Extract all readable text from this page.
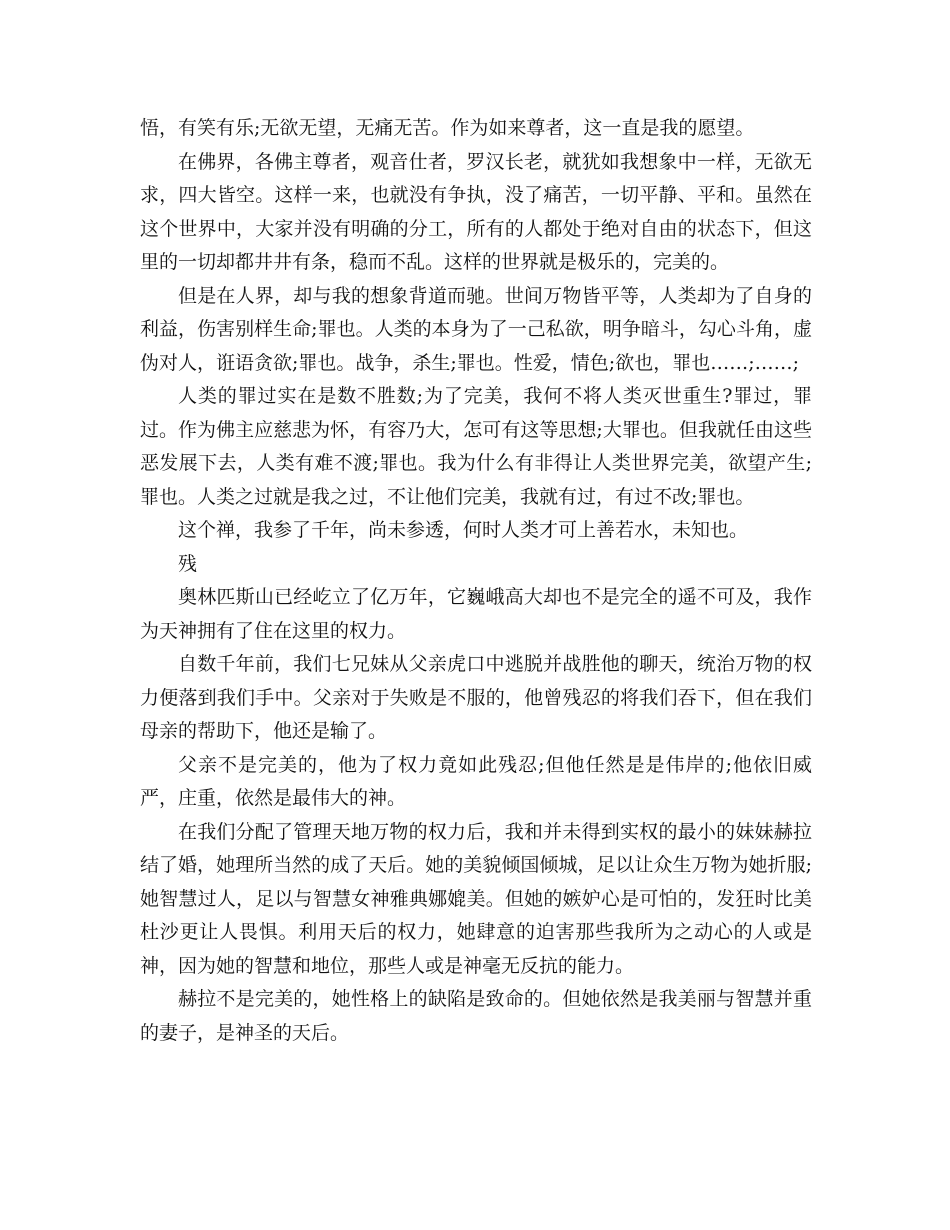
悟，有笑有乐;无欲无望，无痛无苦。作为如来尊者，这一直是我的愿望。

在佛界，各佛主尊者，观音仕者，罗汉长老，就犹如我想象中一样，无欲无求，四大皆空。这样一来，也就没有争执，没了痛苦，一切平静、平和。虽然在这个世界中，大家并没有明确的分工，所有的人都处于绝对自由的状态下，但这里的一切却都井井有条，稳而不乱。这样的世界就是极乐的，完美的。

但是在人界，却与我的想象背道而驰。世间万物皆平等，人类却为了自身的利益，伤害别样生命;罪也。人类的本身为了一己私欲，明争暗斗，勾心斗角，虚伪对人，诳语贪欲;罪也。战争，杀生;罪也。性爱，情色;欲也，罪也……;……;

人类的罪过实在是数不胜数;为了完美，我何不将人类灭世重生?罪过，罪过。作为佛主应慈悲为怀，有容乃大，怎可有这等思想;大罪也。但我就任由这些恶发展下去，人类有难不渡;罪也。我为什么有非得让人类世界完美，欲望产生;罪也。人类之过就是我之过，不让他们完美，我就有过，有过不改;罪也。

这个禅，我参了千年，尚未参透，何时人类才可上善若水，未知也。

残

奥林匹斯山已经屹立了亿万年，它巍峨高大却也不是完全的遥不可及，我作为天神拥有了住在这里的权力。

自数千年前，我们七兄妹从父亲虎口中逃脱并战胜他的聊天，统治万物的权力便落到我们手中。父亲对于失败是不服的，他曾残忍的将我们吞下，但在我们母亲的帮助下，他还是输了。

父亲不是完美的，他为了权力竟如此残忍;但他任然是是伟岸的;他依旧威严，庄重，依然是最伟大的神。

在我们分配了管理天地万物的权力后，我和并未得到实权的最小的妹妹赫拉结了婚，她理所当然的成了天后。她的美貌倾国倾城，足以让众生万物为她折服;她智慧过人，足以与智慧女神雅典娜媲美。但她的嫉妒心是可怕的，发狂时比美杜沙更让人畏惧。利用天后的权力，她肆意的迫害那些我所为之动心的人或是神，因为她的智慧和地位，那些人或是神毫无反抗的能力。

赫拉不是完美的，她性格上的缺陷是致命的。但她依然是我美丽与智慧并重的妻子，是神圣的天后。
